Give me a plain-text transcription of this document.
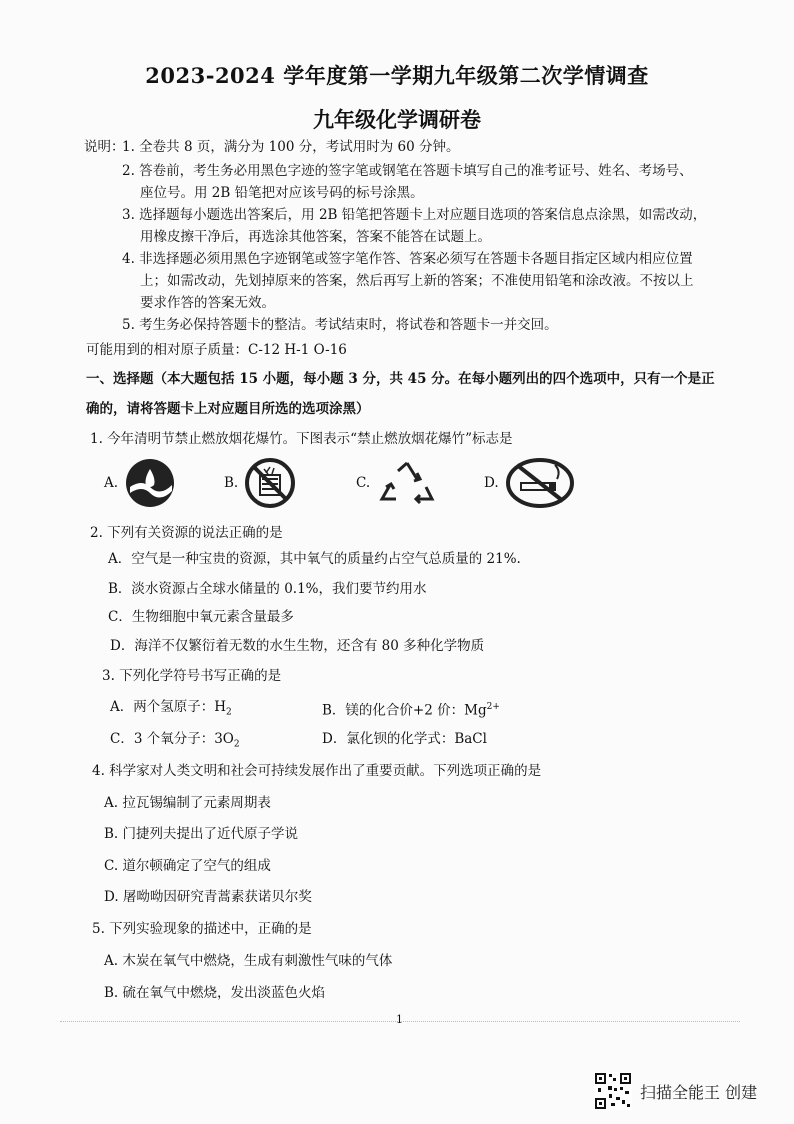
2023-2024 学年度第一学期九年级第二次学情调查
九年级化学调研卷
说明：
1. 全卷共 8 页，满分为 100 分，考试用时为 60 分钟。
2. 答卷前，考生务必用黑色字迹的签字笔或钢笔在答题卡填写自己的准考证号、姓名、考场号、
座位号。用 2B 铅笔把对应该号码的标号涂黑。
3. 选择题每小题选出答案后，用 2B 铅笔把答题卡上对应题目选项的答案信息点涂黑，如需改动，
用橡皮擦干净后，再选涂其他答案，答案不能答在试题上。
4. 非选择题必须用黑色字迹钢笔或签字笔作答、答案必须写在答题卡各题目指定区域内相应位置
上；如需改动，先划掉原来的答案，然后再写上新的答案；不准使用铅笔和涂改液。不按以上
要求作答的答案无效。
5. 考生务必保持答题卡的整洁。考试结束时，将试卷和答题卡一并交回。
可能用到的相对原子质量：C-12 H-1 O-16
一、选择题（本大题包括 15 小题，每小题 3 分，共 45 分。在每小题列出的四个选项中，只有一个是正
确的，请将答题卡上对应题目所选的选项涂黑）
1. 今年清明节禁止燃放烟花爆竹。下图表示“禁止燃放烟花爆竹”标志是
A.	B.	C.	D.
2. 下列有关资源的说法正确的是
A．空气是一种宝贵的资源，其中氧气的质量约占空气总质量的 21%.
B．淡水资源占全球水储量的 0.1%，我们要节约用水
C．生物细胞中氧元素含量最多
D．海洋不仅繁衍着无数的水生生物，还含有 80 多种化学物质
3. 下列化学符号书写正确的是
A．两个氢原子：$H_2$	B．镁的化合价+2 价：$Mg^{2+}$
C．3 个氧分子：$3O_2$	D．氯化钡的化学式：BaCl
4. 科学家对人类文明和社会可持续发展作出了重要贡献。下列选项正确的是
A. 拉瓦锡编制了元素周期表
B. 门捷列夫提出了近代原子学说
C. 道尔顿确定了空气的组成
D. 屠呦呦因研究青蒿素获诺贝尔奖
5. 下列实验现象的描述中，正确的是
A. 木炭在氧气中燃烧，生成有刺激性气味的气体
B. 硫在氧气中燃烧，发出淡蓝色火焰
1
扫描全能王 创建
